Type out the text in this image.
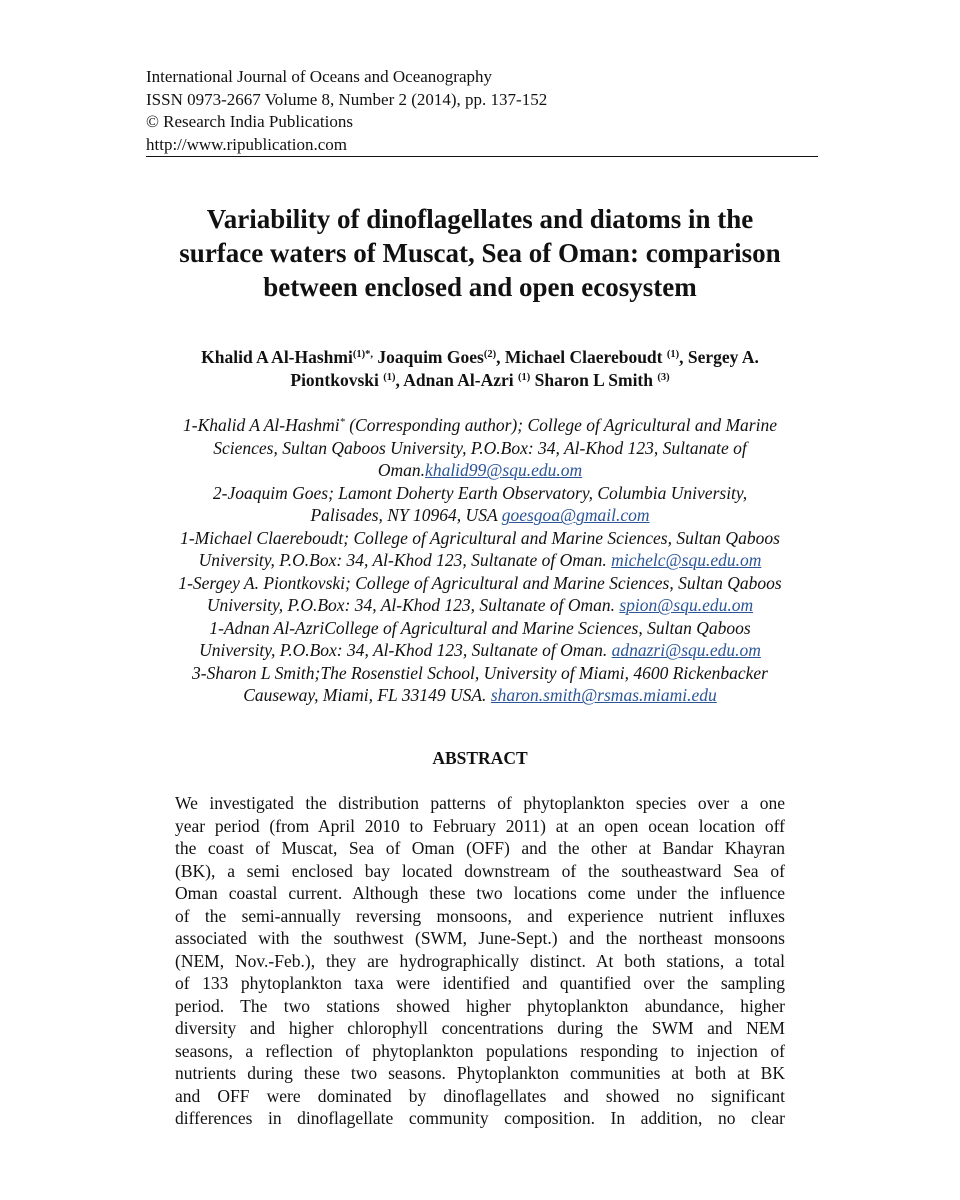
International Journal of Oceans and Oceanography
ISSN 0973-2667 Volume 8, Number 2 (2014), pp. 137-152
© Research India Publications
http://www.ripublication.com
Variability of dinoflagellates and diatoms in the
surface waters of Muscat, Sea of Oman: comparison
between enclosed and open ecosystem
Khalid A Al-Hashmi$^{(1)*,}$ Joaquim Goes$^{(2)}$, Michael Claereboudt $^{(1)}$, Sergey A.
Piontkovski $^{(1)}$, Adnan Al-Azri $^{(1)}$ Sharon L Smith $^{(3)}$
1-Khalid A Al-Hashmi* (Corresponding author); College of Agricultural and Marine
Sciences, Sultan Qaboos University, P.O.Box: 34, Al-Khod 123, Sultanate of
Oman.khalid99@squ.edu.om
2-Joaquim Goes; Lamont Doherty Earth Observatory, Columbia University,
Palisades, NY 10964, USA goesgoa@gmail.com
1-Michael Claereboudt; College of Agricultural and Marine Sciences, Sultan Qaboos
University, P.O.Box: 34, Al-Khod 123, Sultanate of Oman. michelc@squ.edu.om
1-Sergey A. Piontkovski; College of Agricultural and Marine Sciences, Sultan Qaboos
University, P.O.Box: 34, Al-Khod 123, Sultanate of Oman. spion@squ.edu.om
1-Adnan Al-AzriCollege of Agricultural and Marine Sciences, Sultan Qaboos
University, P.O.Box: 34, Al-Khod 123, Sultanate of Oman. adnazri@squ.edu.om
3-Sharon L Smith;The Rosenstiel School, University of Miami, 4600 Rickenbacker
Causeway, Miami, FL 33149 USA. sharon.smith@rsmas.miami.edu
ABSTRACT
We investigated the distribution patterns of phytoplankton species over a one
year period (from April 2010 to February 2011) at an open ocean location off
the coast of Muscat, Sea of Oman (OFF) and the other at Bandar Khayran
(BK), a semi enclosed bay located downstream of the southeastward Sea of
Oman coastal current. Although these two locations come under the influence
of the semi-annually reversing monsoons, and experience nutrient influxes
associated with the southwest (SWM, June-Sept.) and the northeast monsoons
(NEM, Nov.-Feb.), they are hydrographically distinct. At both stations, a total
of 133 phytoplankton taxa were identified and quantified over the sampling
period. The two stations showed higher phytoplankton abundance, higher
diversity and higher chlorophyll concentrations during the SWM and NEM
seasons, a reflection of phytoplankton populations responding to injection of
nutrients during these two seasons. Phytoplankton communities at both at BK
and OFF were dominated by dinoflagellates and showed no significant
differences in dinoflagellate community composition. In addition, no clear
